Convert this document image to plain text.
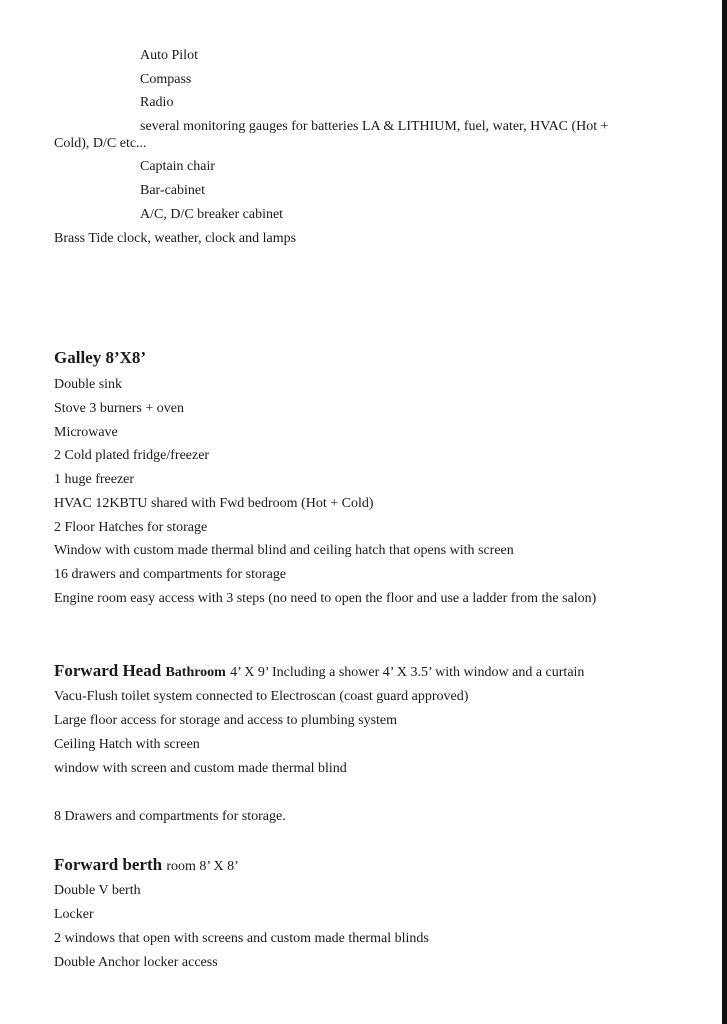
Auto Pilot
Compass
Radio
several monitoring gauges for batteries LA & LITHIUM, fuel, water, HVAC (Hot +
Cold), D/C etc...
Captain chair
Bar-cabinet
A/C, D/C breaker cabinet
Brass Tide clock, weather, clock and lamps
Galley 8’X8’
Double sink
Stove 3 burners + oven
Microwave
2 Cold plated fridge/freezer
1 huge freezer
HVAC 12KBTU shared with Fwd bedroom (Hot + Cold)
2 Floor Hatches for storage
Window with custom made thermal blind and ceiling hatch that opens with screen
16 drawers and compartments for storage
Engine room easy access with 3 steps (no need to open the floor and use a ladder from the salon)
Forward Head Bathroom 4’ X 9’ Including a shower 4’ X 3.5’ with window and a curtain
Vacu-Flush toilet system connected to Electroscan (coast guard approved)
Large floor access for storage and access to plumbing system
Ceiling Hatch with screen
window with screen and custom made thermal blind
8 Drawers and compartments for storage.
Forward berth room 8’ X 8’
Double V berth
Locker
2 windows that open with screens and custom made thermal blinds
Double Anchor locker access
